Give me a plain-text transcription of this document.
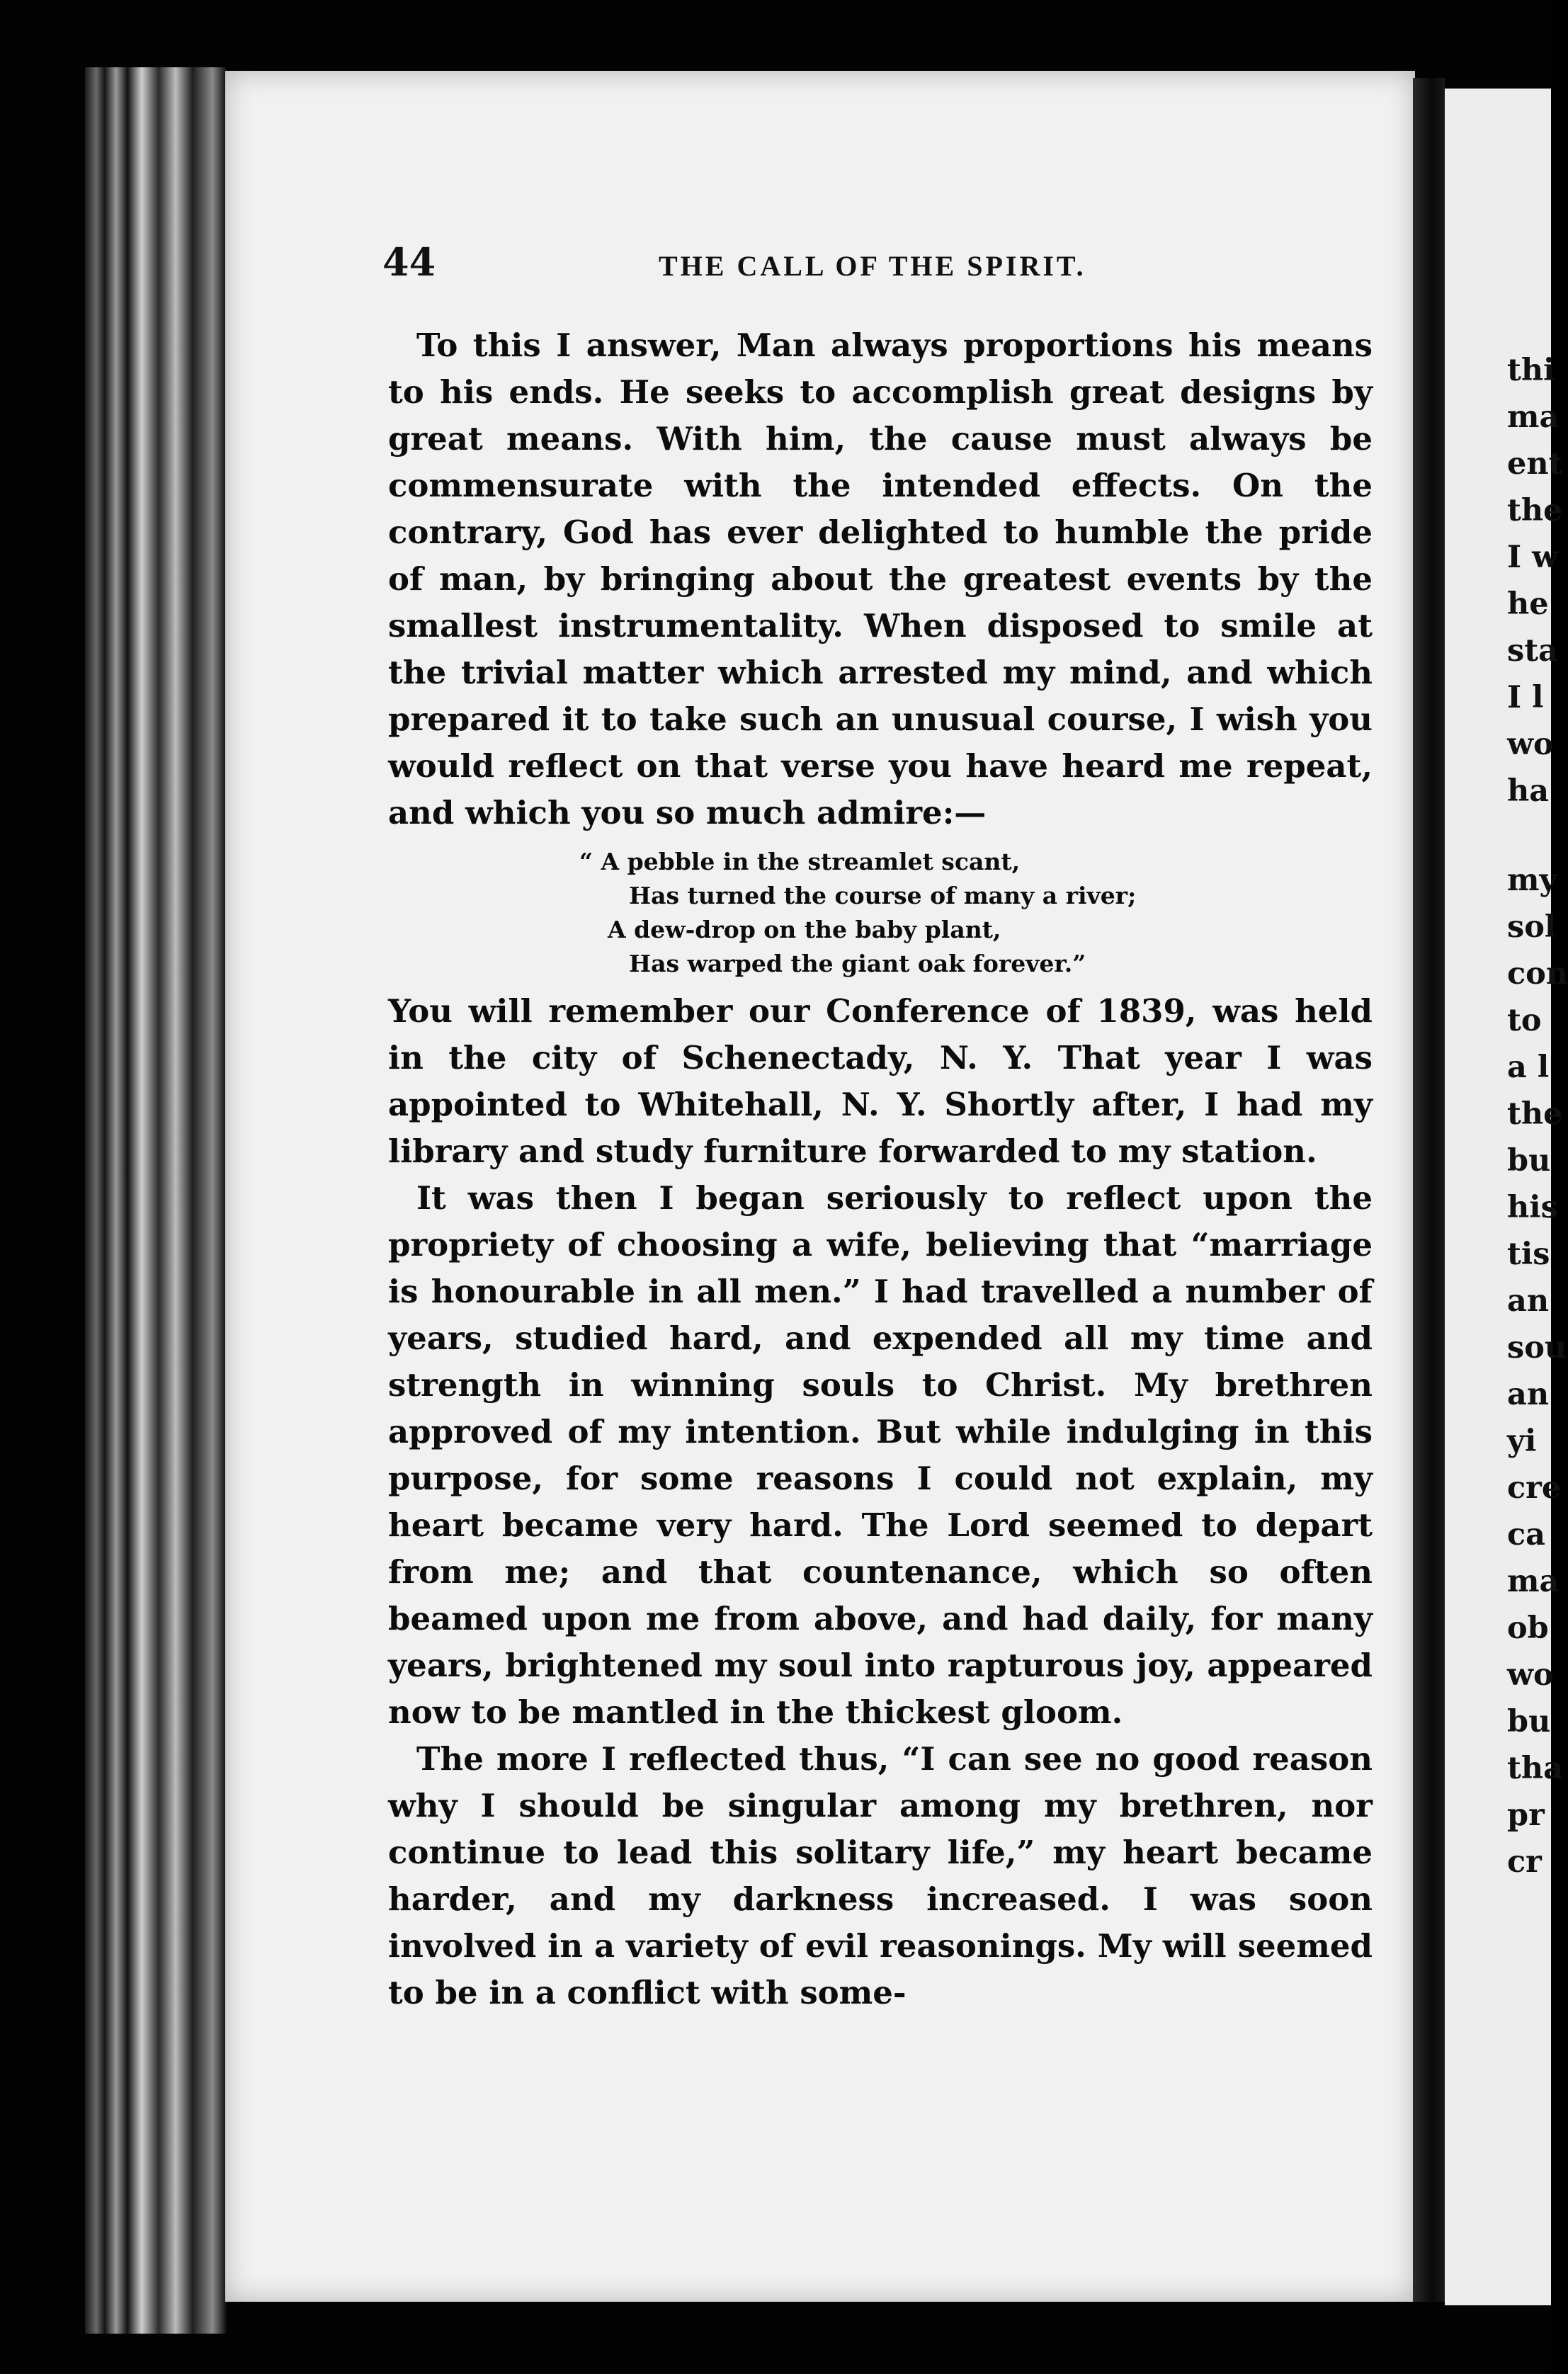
44	THE CALL OF THE SPIRIT.

To this I answer, Man always proportions his means to his ends. He seeks to accomplish great designs by great means. With him, the cause must always be commensurate with the intended effects. On the contrary, God has ever delighted to humble the pride of man, by bringing about the greatest events by the smallest instrumentality. When disposed to smile at the trivial matter which arrested my mind, and which prepared it to take such an unusual course, I wish you would reflect on that verse you have heard me repeat, and which you so much admire:—

“ A pebble in the streamlet scant,
Has turned the course of many a river;
A dew-drop on the baby plant,
Has warped the giant oak forever.”

You will remember our Conference of 1839, was held in the city of Schenectady, N. Y. That year I was appointed to Whitehall, N. Y. Shortly after, I had my library and study furniture forwarded to my station.

It was then I began seriously to reflect upon the propriety of choosing a wife, believing that “marriage is honourable in all men.” I had travelled a number of years, studied hard, and expended all my time and strength in winning souls to Christ. My brethren approved of my intention. But while indulging in this purpose, for some reasons I could not explain, my heart became very hard. The Lord seemed to depart from me; and that countenance, which so often beamed upon me from above, and had daily, for many years, brightened my soul into rapturous joy, appeared now to be mantled in the thickest gloom.

The more I reflected thus, “I can see no good reason why I should be singular among my brethren, nor continue to lead this solitary life,” my heart became harder, and my darkness increased. I was soon involved in a variety of evil reasonings. My will seemed to be in a conflict with some-

thi
ma
ent
the
I w
he
sta
I l
wo
ha
my
sol
con
to
a l
the
bu
his
tis
an
sou
an
yi
cre
ca
ma
ob
wo
bu
tha
pr
cr
